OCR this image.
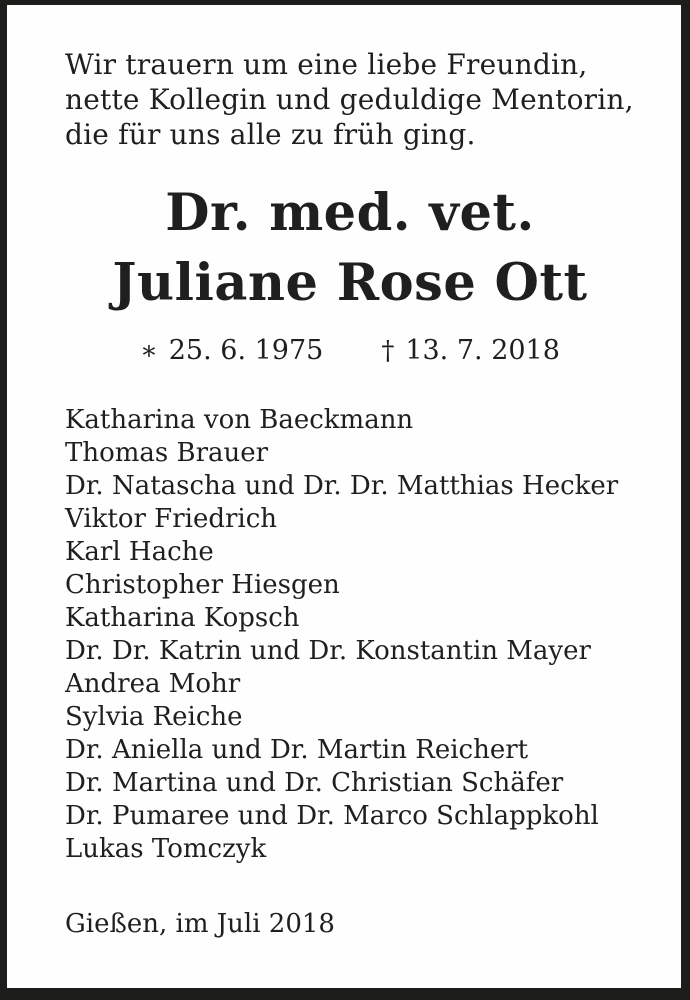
Wir trauern um eine liebe Freundin,
nette Kollegin und geduldige Mentorin,
die für uns alle zu früh ging.
Dr. med. vet.
Juliane Rose Ott
∗ 25. 6. 1975 † 13. 7. 2018
Katharina von Baeckmann
Thomas Brauer
Dr. Natascha und Dr. Dr. Matthias Hecker
Viktor Friedrich
Karl Hache
Christopher Hiesgen
Katharina Kopsch
Dr. Dr. Katrin und Dr. Konstantin Mayer
Andrea Mohr
Sylvia Reiche
Dr. Aniella und Dr. Martin Reichert
Dr. Martina und Dr. Christian Schäfer
Dr. Pumaree und Dr. Marco Schlappkohl
Lukas Tomczyk
Gießen, im Juli 2018
